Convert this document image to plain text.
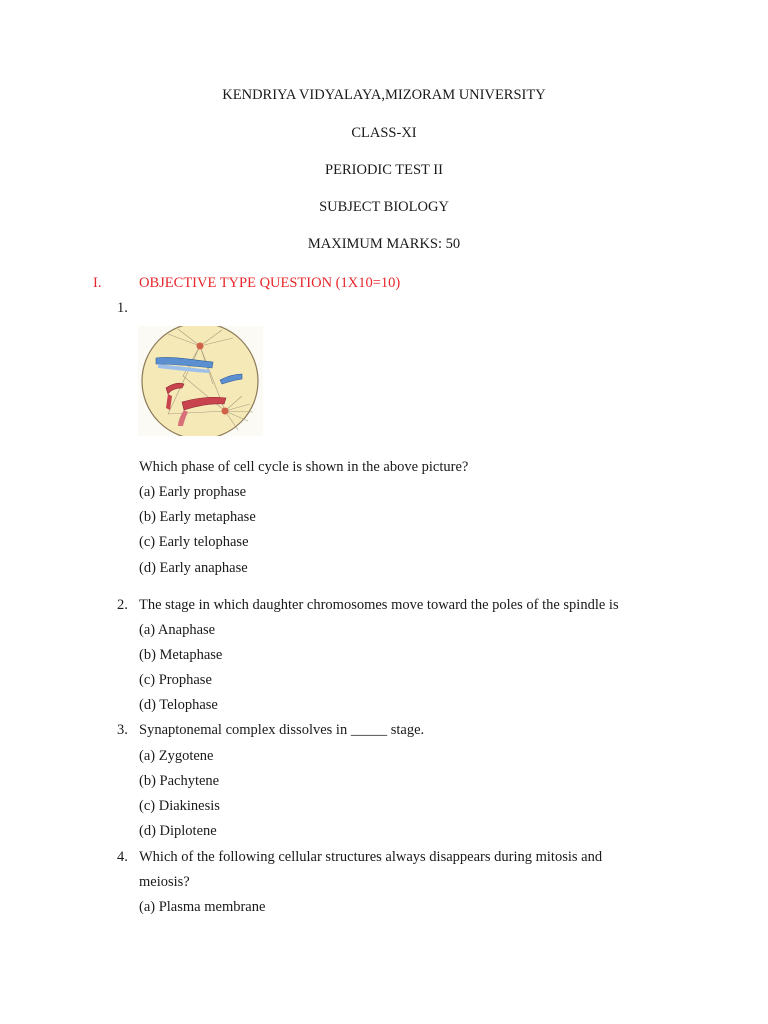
KENDRIYA VIDYALAYA,MIZORAM UNIVERSITY
CLASS-XI
PERIODIC TEST II
SUBJECT BIOLOGY
MAXIMUM MARKS: 50
I.	OBJECTIVE TYPE QUESTION (1X10=10)
1.
Which phase of cell cycle is shown in the above picture?
(a) Early prophase
(b) Early metaphase
(c) Early telophase
(d) Early anaphase
2. The stage in which daughter chromosomes move toward the poles of the spindle is
(a) Anaphase
(b) Metaphase
(c) Prophase
(d) Telophase
3. Synaptonemal complex dissolves in _____ stage.
(a) Zygotene
(b) Pachytene
(c) Diakinesis
(d) Diplotene
4. Which of the following cellular structures always disappears during mitosis and
meiosis?
(a) Plasma membrane
